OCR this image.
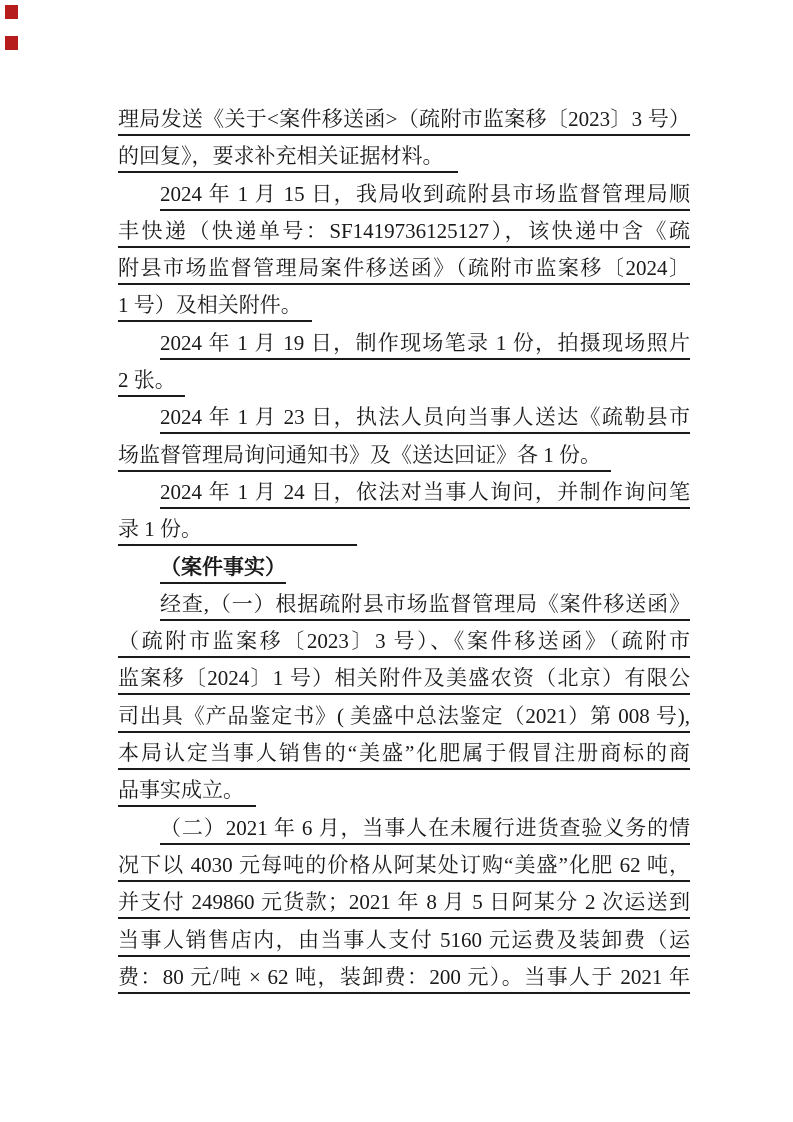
理局发送《关于<案件移送函>（疏附市监案移〔2023〕3 号）
的回复》，要求补充相关证据材料。
2024 年 1 月 15 日，我局收到疏附县市场监督管理局顺
丰快递（快递单号：SF1419736125127），该快递中含《疏
附县市场监督管理局案件移送函》（疏附市监案移〔2024〕
1 号）及相关附件。
2024 年 1 月 19 日，制作现场笔录 1 份，拍摄现场照片
2 张。
2024 年 1 月 23 日，执法人员向当事人送达《疏勒县市
场监督管理局询问通知书》及《送达回证》各 1 份。
2024 年 1 月 24 日，依法对当事人询问，并制作询问笔
录 1 份。
（案件事实）
经查,（一）根据疏附县市场监督管理局《案件移送函》
（疏附市监案移〔2023〕3 号）、《案件移送函》（疏附市
监案移〔2024〕1 号）相关附件及美盛农资（北京）有限公
司出具《产品鉴定书》( 美盛中总法鉴定（2021）第 008 号),
本局认定当事人销售的“美盛”化肥属于假冒注册商标的商
品事实成立。
（二）2021 年 6 月，当事人在未履行进货查验义务的情
况下以 4030 元每吨的价格从阿某处订购“美盛”化肥 62 吨，
并支付 249860 元货款；2021 年 8 月 5 日阿某分 2 次运送到
当事人销售店内，由当事人支付 5160 元运费及装卸费（运
费：80 元/吨 × 62 吨，装卸费：200 元）。当事人于 2021 年
